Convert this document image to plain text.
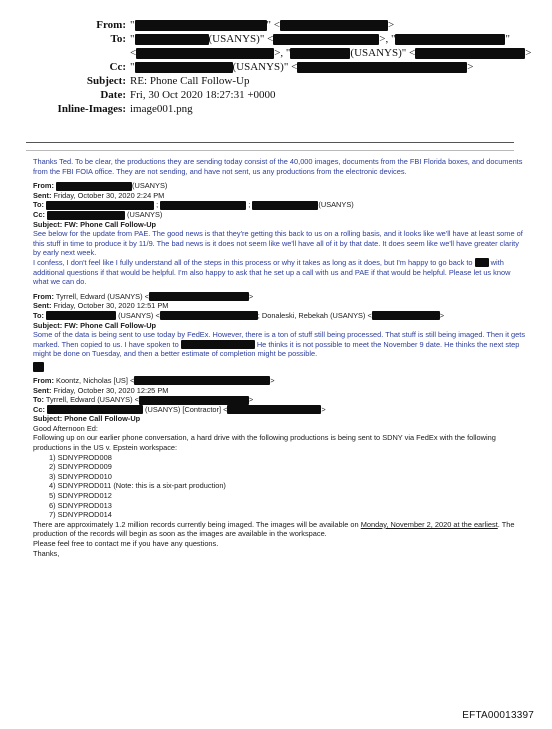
From: "	" <	>
To: "	(USANYS)" <	>, "	"
<	>, "	(USANYS)" <	>
Cc: "	(USANYS)" <	>
Subject: RE: Phone Call Follow-Up
Date: Fri, 30 Oct 2020 18:27:31 +0000
Inline-Images: image001.png
Thanks Ted. To be clear, the productions they are sending today consist of the 40,000 images, documents from the FBI Florida boxes, and documents from the FBI FOIA office. They are not sending, and have not sent, us any productions from the electronic devices.
From:	(USANYS)
Sent: Friday, October 30, 2020 2:24 PM
To:	;	;	(USANYS)
Cc:	(USANYS)
Subject: FW: Phone Call Follow-Up
See below for the update from PAE. The good news is that they're getting this back to us on a rolling basis, and it looks like we'll have at least some of this stuff in time to produce it by 11/9. The bad news is it does not seem like we'll have all of it by that date. It does seem like we'll have greater clarity by early next week.
I confess, I don't feel like I fully understand all of the steps in this process or why it takes as long as it does, but I'm happy to go back to with additional questions if that would be helpful. I'm also happy to ask that he set up a call with us and PAE if that would be helpful. Please let us know what we can do.
From: Tyrrell, Edward (USANYS) <	>
Sent: Friday, October 30, 2020 12:51 PM
To:	(USANYS) <	; Donaleski, Rebekah (USANYS) <	>
Subject: FW: Phone Call Follow-Up
Some of the data is being sent to use today by FedEx. However, there is a ton of stuff still being processed. That stuff is still being imaged. Then it gets marked. Then copied to us. I have spoken to	He thinks it is not possible to meet the November 9 date. He thinks the next step might be done on Tuesday, and then a better estimate of completion might be possible.
From: Koontz, Nicholas [US] <	>
Sent: Friday, October 30, 2020 12:25 PM
To: Tyrrell, Edward (USANYS) <	>
Cc:	(USANYS) [Contractor] <	>
Subject: Phone Call Follow-Up
Good Afternoon Ed:
Following up on our earlier phone conversation, a hard drive with the following productions is being sent to SDNY via FedEx with the following productions in the US v. Epstein workspace:
1) SDNYPROD008
2) SDNYPROD009
3) SDNYPROD010
4) SDNYPROD011 (Note: this is a six-part production)
5) SDNYPROD012
6) SDNYPROD013
7) SDNYPROD014
There are approximately 1.2 million records currently being imaged. The images will be available on Monday, November 2, 2020 at the earliest. The production of the records will begin as soon as the images are available in the workspace.
Please feel free to contact me if you have any questions.
Thanks,
EFTA00013397
